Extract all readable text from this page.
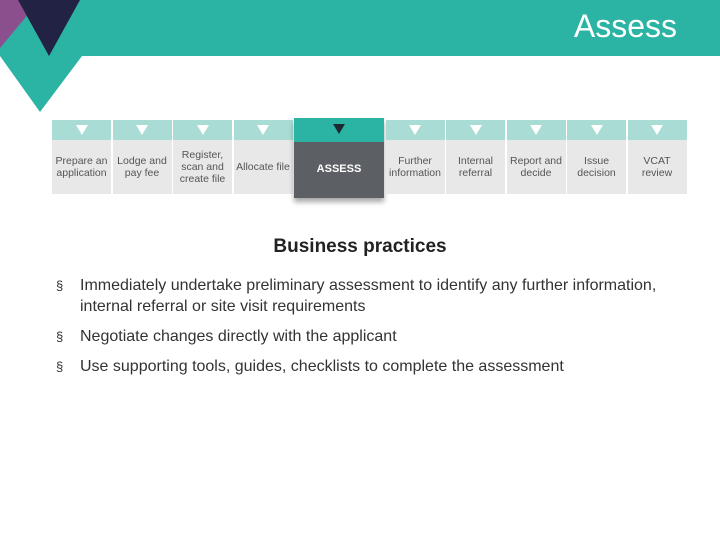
Assess
Prepare an application
Lodge and pay fee
Register, scan and create file
Allocate file	ASSESS
Further information
Internal referral
Report and decide
Issue decision
VCAT review
Business practices
§ Immediately undertake preliminary assessment to identify any further information, internal referral or site visit requirements
§ Negotiate changes directly with the applicant
§ Use supporting tools, guides, checklists to complete the assessment
